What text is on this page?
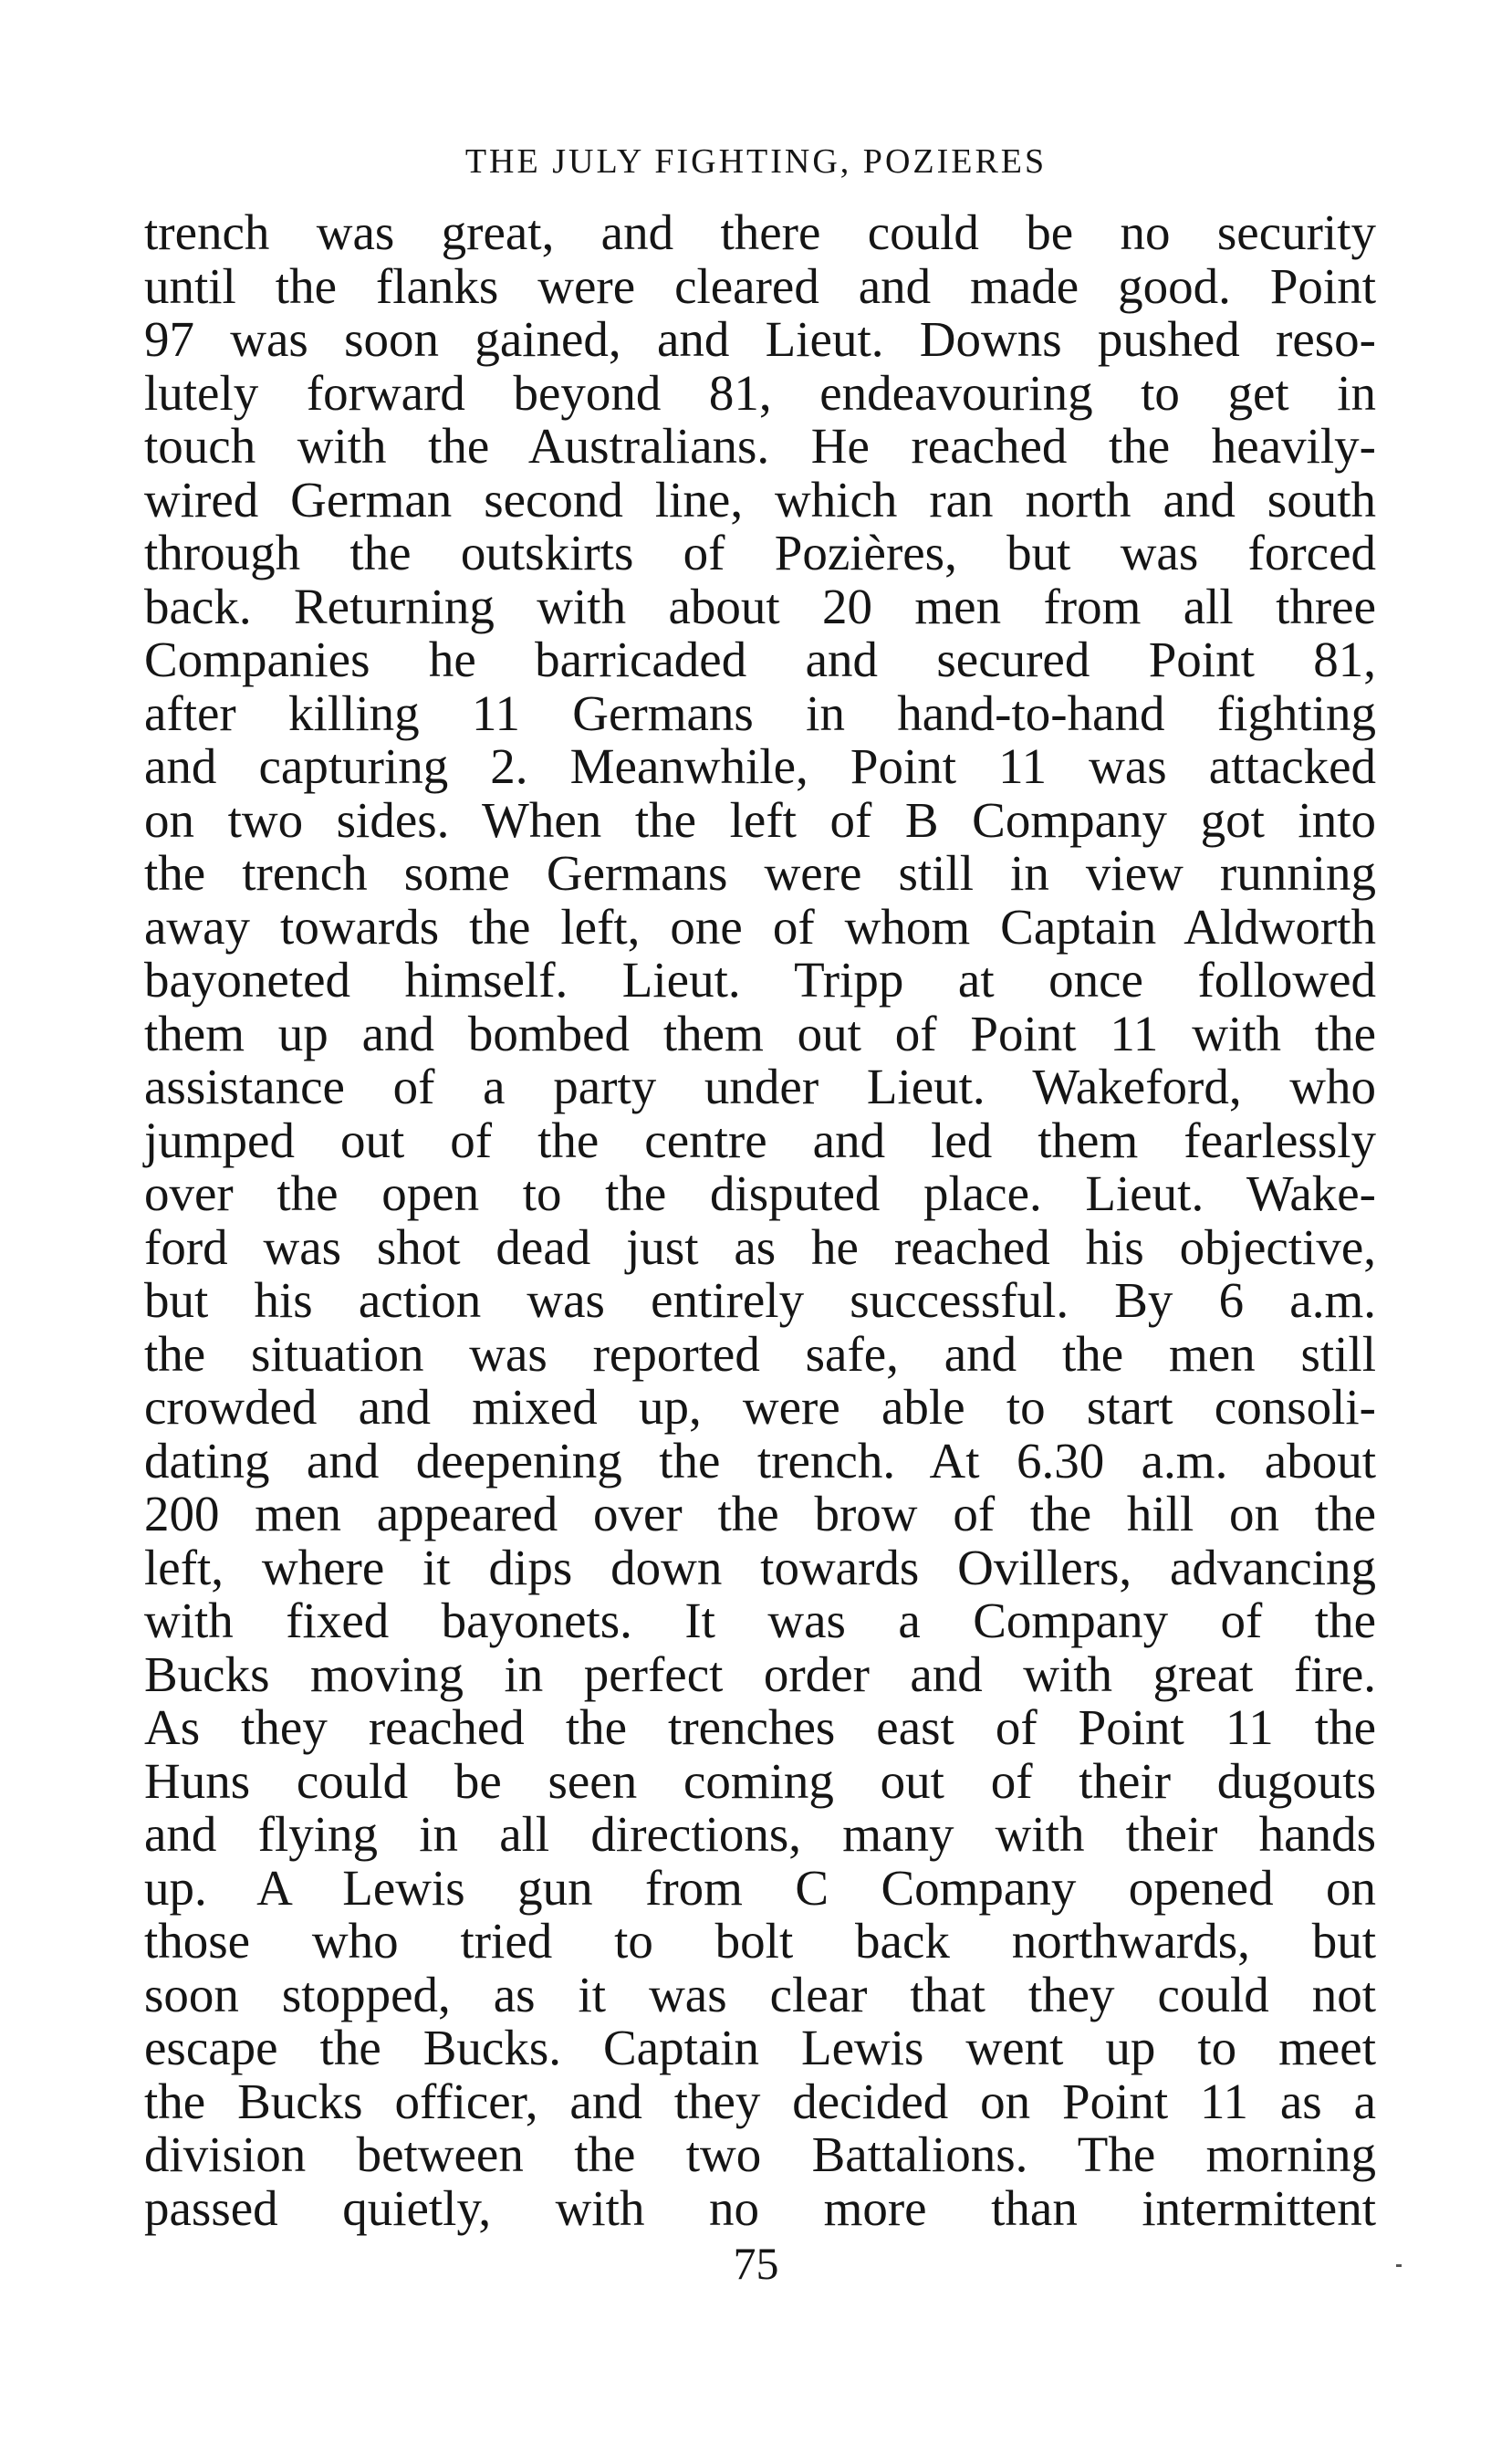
THE JULY FIGHTING, POZIERES
trench was great, and there could be no security
until the flanks were cleared and made good. Point
97 was soon gained, and Lieut. Downs pushed reso-
lutely forward beyond 81, endeavouring to get in
touch with the Australians. He reached the heavily-
wired German second line, which ran north and south
through the outskirts of Pozières, but was forced
back. Returning with about 20 men from all three
Companies he barricaded and secured Point 81,
after killing 11 Germans in hand-to-hand fighting
and capturing 2. Meanwhile, Point 11 was attacked
on two sides. When the left of B Company got into
the trench some Germans were still in view running
away towards the left, one of whom Captain Aldworth
bayoneted himself. Lieut. Tripp at once followed
them up and bombed them out of Point 11 with the
assistance of a party under Lieut. Wakeford, who
jumped out of the centre and led them fearlessly
over the open to the disputed place. Lieut. Wake-
ford was shot dead just as he reached his objective,
but his action was entirely successful. By 6 a.m.
the situation was reported safe, and the men still
crowded and mixed up, were able to start consoli-
dating and deepening the trench. At 6.30 a.m. about
200 men appeared over the brow of the hill on the
left, where it dips down towards Ovillers, advancing
with fixed bayonets. It was a Company of the
Bucks moving in perfect order and with great fire.
As they reached the trenches east of Point 11 the
Huns could be seen coming out of their dugouts
and flying in all directions, many with their hands
up. A Lewis gun from C Company opened on
those who tried to bolt back northwards, but
soon stopped, as it was clear that they could not
escape the Bucks. Captain Lewis went up to meet
the Bucks officer, and they decided on Point 11 as a
division between the two Battalions. The morning
passed quietly, with no more than intermittent
75
